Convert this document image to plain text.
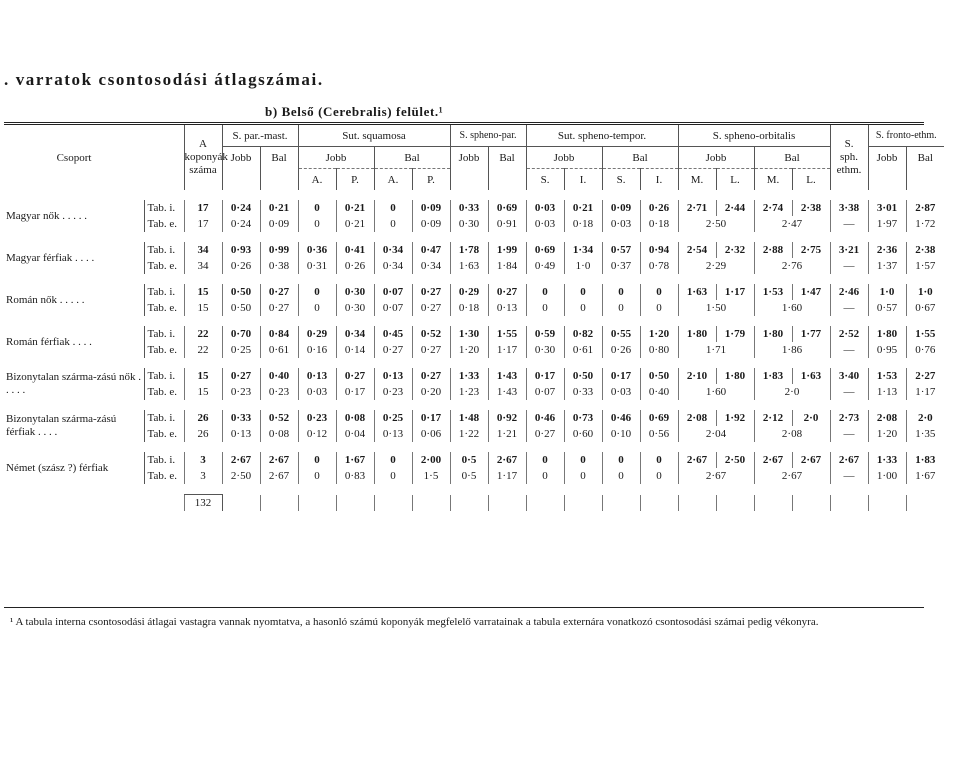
. varratok csontosodási átlagszámai.
b) Belső (Cerebralis) felület.¹
Csoport		A
koponyák
száma	S. par.-mast.		Sut. squamosa				S. spheno-par.		Sut. spheno-tempor.				S. spheno-orbitalis				S.
sph.
ethm.	S. fronto-ethm.	
			Jobb	Bal	Jobb		Bal		Jobb	Bal	Jobb		Bal		Jobb		Bal			Jobb	Bal
					A.	P.	A.	P.			S.	I.	S.	I.	M.	L.	M.	L.			

Magyar nők . . . . .	Tab. i.	17	0·24	0·21	0	0·21	0	0·09	0·33	0·69	0·03	0·21	0·09	0·26	2·71	2·44	2·74	2·38	3·38	3·01	2·87
	Tab. e.	17	0·24	0·09	0	0·21	0	0·09	0·30	0·91	0·03	0·18	0·03	0·18	2·50		2·47		—	1·97	1·72

Magyar férfiak . . . .	Tab. i.	34	0·93	0·99	0·36	0·41	0·34	0·47	1·78	1·99	0·69	1·34	0·57	0·94	2·54	2·32	2·88	2·75	3·21	2·36	2·38
	Tab. e.	34	0·26	0·38	0·31	0·26	0·34	0·34	1·63	1·84	0·49	1·0	0·37	0·78	2·29		2·76		—	1·37	1·57

Román nők . . . . .	Tab. i.	15	0·50	0·27	0	0·30	0·07	0·27	0·29	0·27	0	0	0	0	1·63	1·17	1·53	1·47	2·46	1·0	1·0
	Tab. e.	15	0·50	0·27	0	0·30	0·07	0·27	0·18	0·13	0	0	0	0	1·50		1·60		—	0·57	0·67

Román férfiak . . . .	Tab. i.	22	0·70	0·84	0·29	0·34	0·45	0·52	1·30	1·55	0·59	0·82	0·55	1·20	1·80	1·79	1·80	1·77	2·52	1·80	1·55
	Tab. e.	22	0·25	0·61	0·16	0·14	0·27	0·27	1·20	1·17	0·30	0·61	0·26	0·80	1·71		1·86		—	0·95	0·76

Bizonytalan szárma-zású nők . . . . .	Tab. i.	15	0·27	0·40	0·13	0·27	0·13	0·27	1·33	1·43	0·17	0·50	0·17	0·50	2·10	1·80	1·83	1·63	3·40	1·53	2·27
	Tab. e.	15	0·23	0·23	0·03	0·17	0·23	0·20	1·23	1·43	0·07	0·33	0·03	0·40	1·60		2·0		—	1·13	1·17

Bizonytalan szárma-zású férfiak . . . .	Tab. i.	26	0·33	0·52	0·23	0·08	0·25	0·17	1·48	0·92	0·46	0·73	0·46	0·69	2·08	1·92	2·12	2·0	2·73	2·08	2·0
	Tab. e.	26	0·13	0·08	0·12	0·04	0·13	0·06	1·22	1·21	0·27	0·60	0·10	0·56	2·04		2·08		—	1·20	1·35

Német (szász ?) férfiak	Tab. i.	3	2·67	2·67	0	1·67	0	2·00	0·5	2·67	0	0	0	0	2·67	2·50	2·67	2·67	2·67	1·33	1·83
	Tab. e.	3	2·50	2·67	0	0·83	0	1·5	0·5	1·17	0	0	0	0	2·67		2·67		—	1·00	1·67

		132																			
¹ A tabula interna csontosodási átlagai vastagra vannak nyomtatva, a hasonló számú koponyák megfelelő varratainak a tabula externára vonatkozó csontosodási számai pedig vékonyra.
